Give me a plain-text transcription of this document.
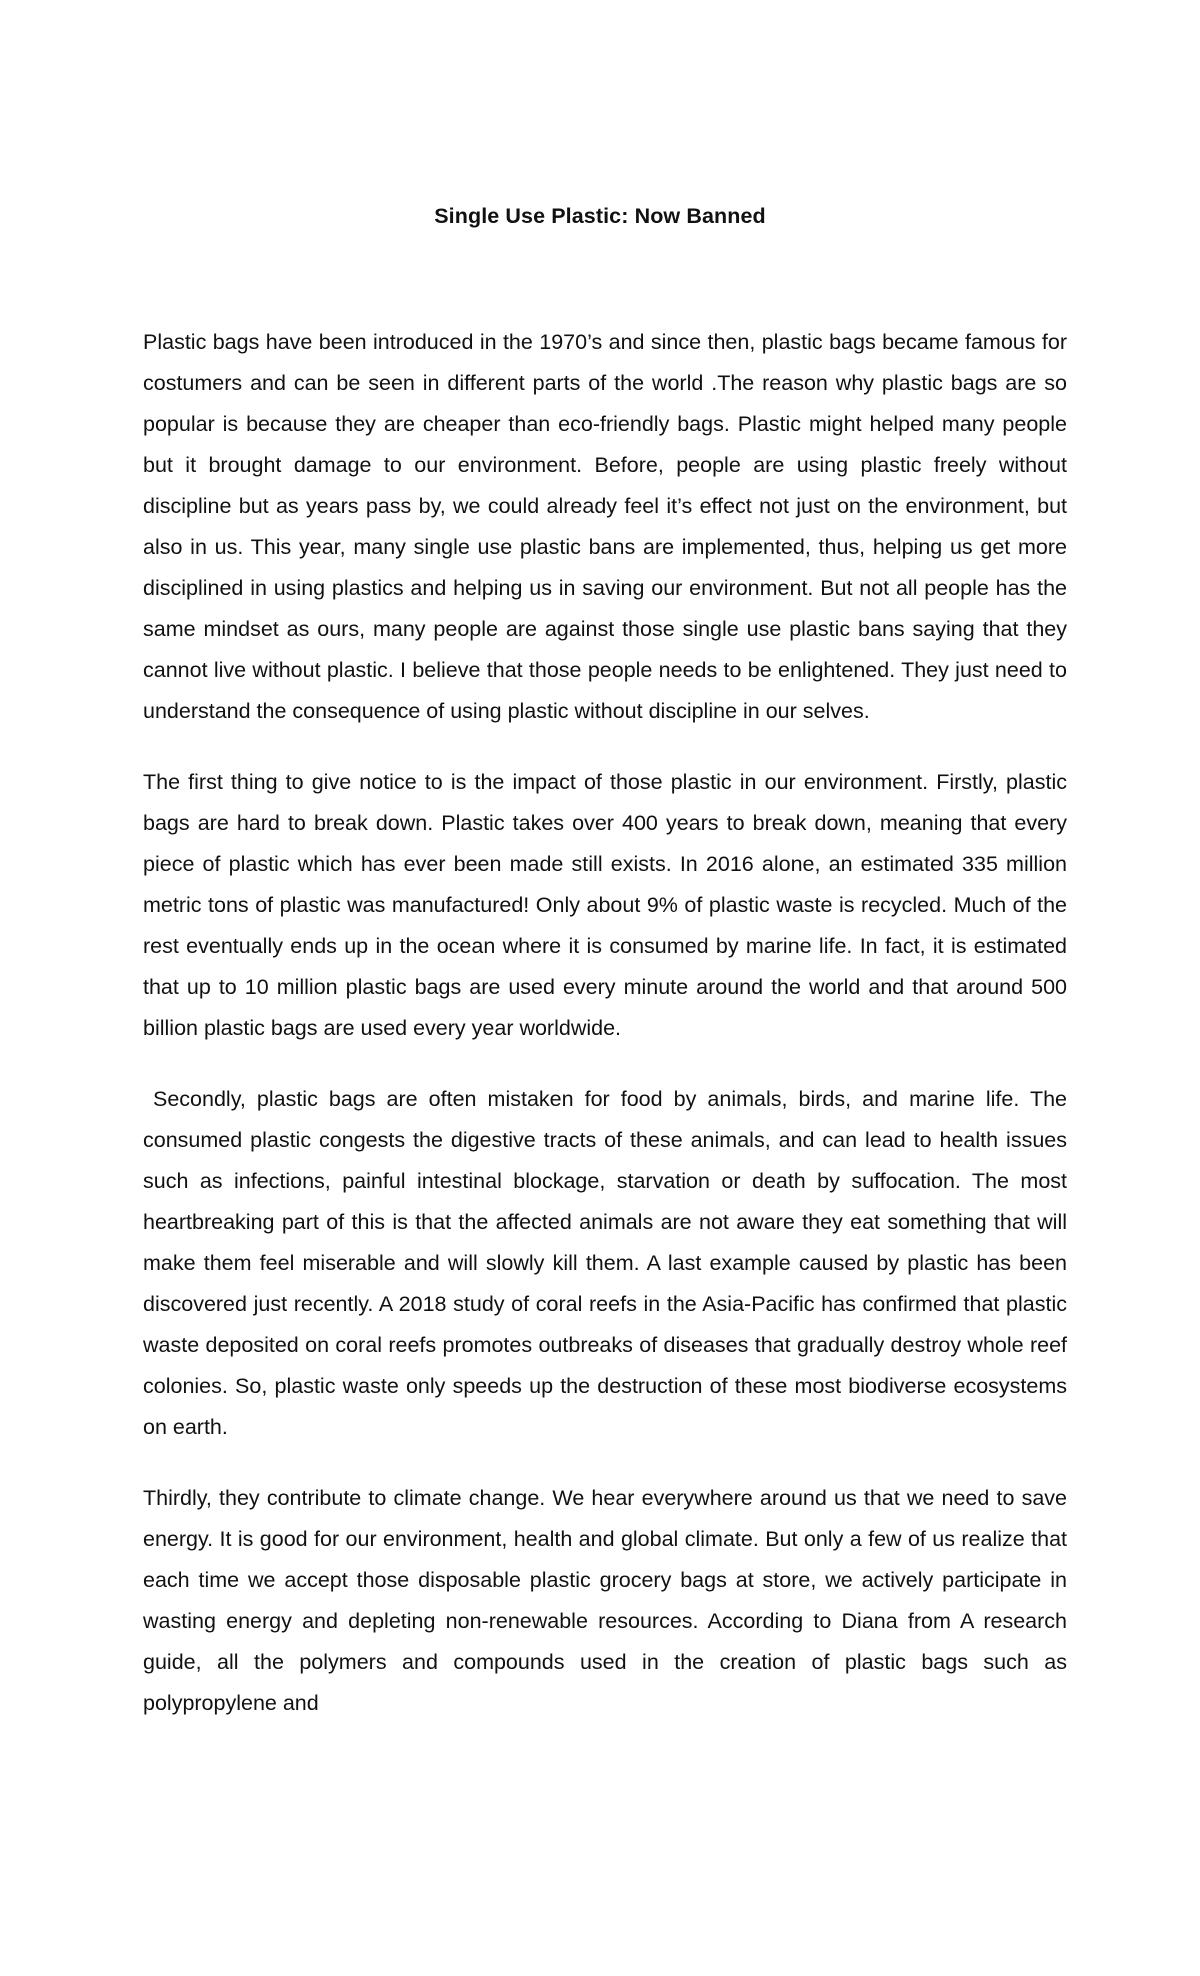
Single Use Plastic: Now Banned

Plastic bags have been introduced in the 1970’s and since then, plastic bags became famous for costumers and can be seen in different parts of the world .The reason why plastic bags are so popular is because they are cheaper than eco-friendly bags. Plastic might helped many people but it brought damage to our environment. Before, people are using plastic freely without discipline but as years pass by, we could already feel it’s effect not just on the environment, but also in us. This year, many single use plastic bans are implemented, thus, helping us get more disciplined in using plastics and helping us in saving our environment. But not all people has the same mindset as ours, many people are against those single use plastic bans saying that they cannot live without plastic. I believe that those people needs to be enlightened. They just need to understand the consequence of using plastic without discipline in our selves.

The first thing to give notice to is the impact of those plastic in our environment. Firstly, plastic bags are hard to break down. Plastic takes over 400 years to break down, meaning that every piece of plastic which has ever been made still exists. In 2016 alone, an estimated 335 million metric tons of plastic was manufactured! Only about 9% of plastic waste is recycled. Much of the rest eventually ends up in the ocean where it is consumed by marine life. In fact, it is estimated that up to 10 million plastic bags are used every minute around the world and that around 500 billion plastic bags are used every year worldwide.

Secondly, plastic bags are often mistaken for food by animals, birds, and marine life. The consumed plastic congests the digestive tracts of these animals, and can lead to health issues such as infections, painful intestinal blockage, starvation or death by suffocation. The most heartbreaking part of this is that the affected animals are not aware they eat something that will make them feel miserable and will slowly kill them. A last example caused by plastic has been discovered just recently. A 2018 study of coral reefs in the Asia-Pacific has confirmed that plastic waste deposited on coral reefs promotes outbreaks of diseases that gradually destroy whole reef colonies. So, plastic waste only speeds up the destruction of these most biodiverse ecosystems on earth.

Thirdly, they contribute to climate change. We hear everywhere around us that we need to save energy. It is good for our environment, health and global climate. But only a few of us realize that each time we accept those disposable plastic grocery bags at store, we actively participate in wasting energy and depleting non-renewable resources. According to Diana from A research guide, all the polymers and compounds used in the creation of plastic bags such as polypropylene and
